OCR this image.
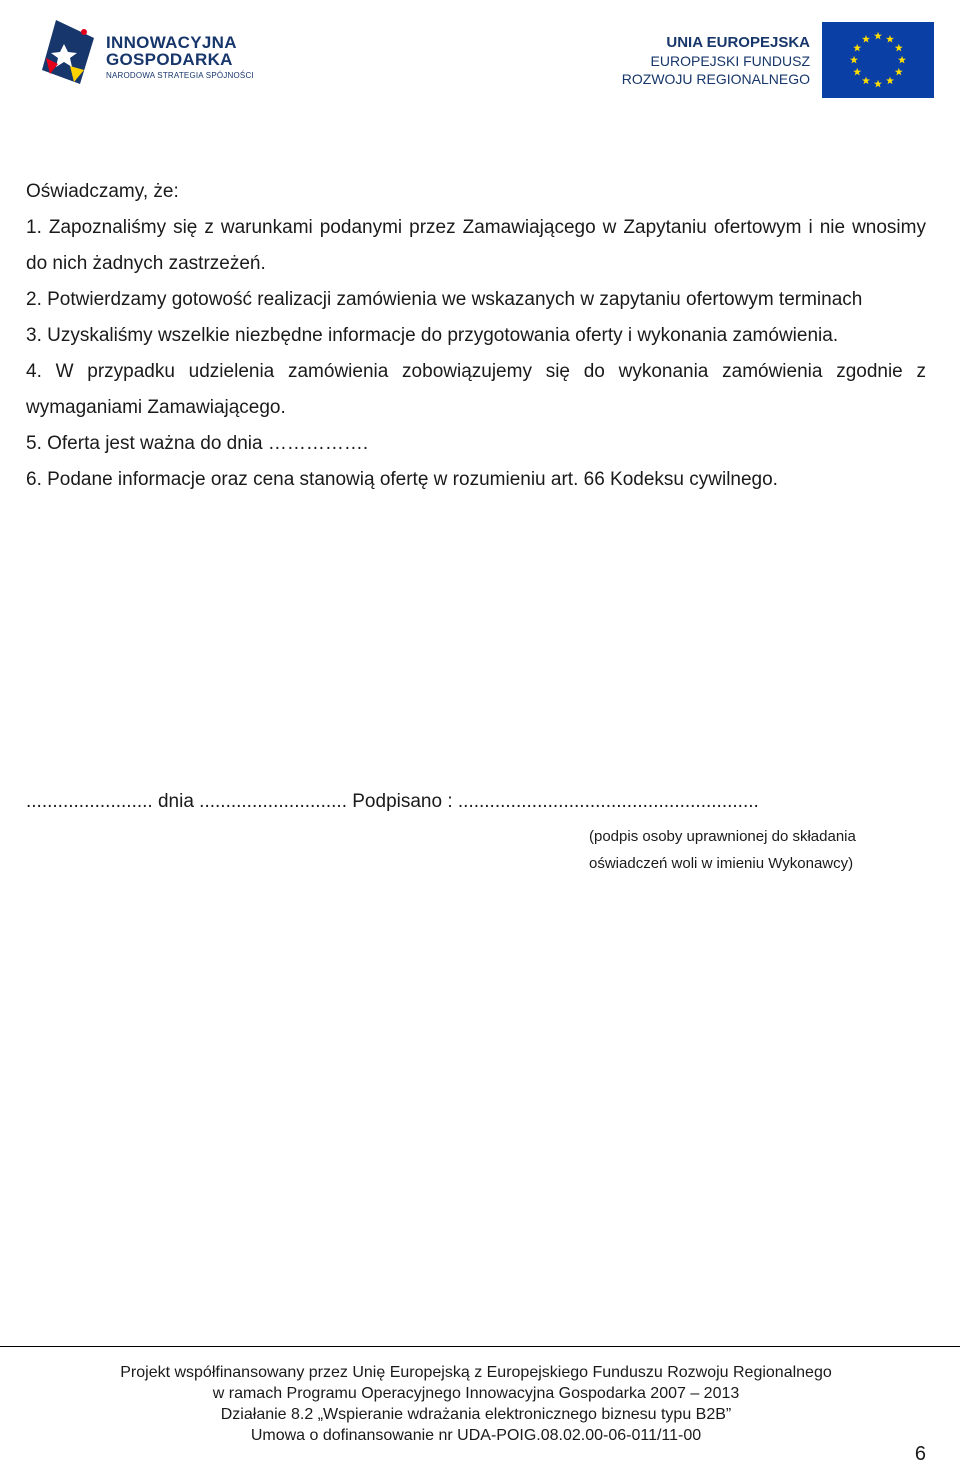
INNOWACYJNA
GOSPODARKA
NARODOWA STRATEGIA SPÓJNOŚCI
UNIA EUROPEJSKA
EUROPEJSKI FUNDUSZ
ROZWOJU REGIONALNEGO

Oświadczamy, że:

1. Zapoznaliśmy się z warunkami podanymi przez Zamawiającego w Zapytaniu ofertowym i nie wnosimy do nich żadnych zastrzeżeń.

2. Potwierdzamy gotowość realizacji zamówienia we wskazanych w zapytaniu ofertowym terminach

3. Uzyskaliśmy wszelkie niezbędne informacje do przygotowania oferty i wykonania zamówienia.

4. W przypadku udzielenia zamówienia zobowiązujemy się do wykonania zamówienia zgodnie z wymaganiami Zamawiającego.

5. Oferta jest ważna do dnia …………….

6. Podane informacje oraz cena stanowią ofertę w rozumieniu art. 66 Kodeksu cywilnego.

........................ dnia ............................ Podpisano : .........................................................
(podpis osoby uprawnionej do składania
oświadczeń woli w imieniu Wykonawcy)
Projekt współfinansowany przez Unię Europejską z Europejskiego Funduszu Rozwoju Regionalnego
w ramach Programu Operacyjnego Innowacyjna Gospodarka 2007 – 2013
Działanie 8.2 „Wspieranie wdrażania elektronicznego biznesu typu B2B”
Umowa o dofinansowanie nr UDA-POIG.08.02.00-06-011/11-00
6
